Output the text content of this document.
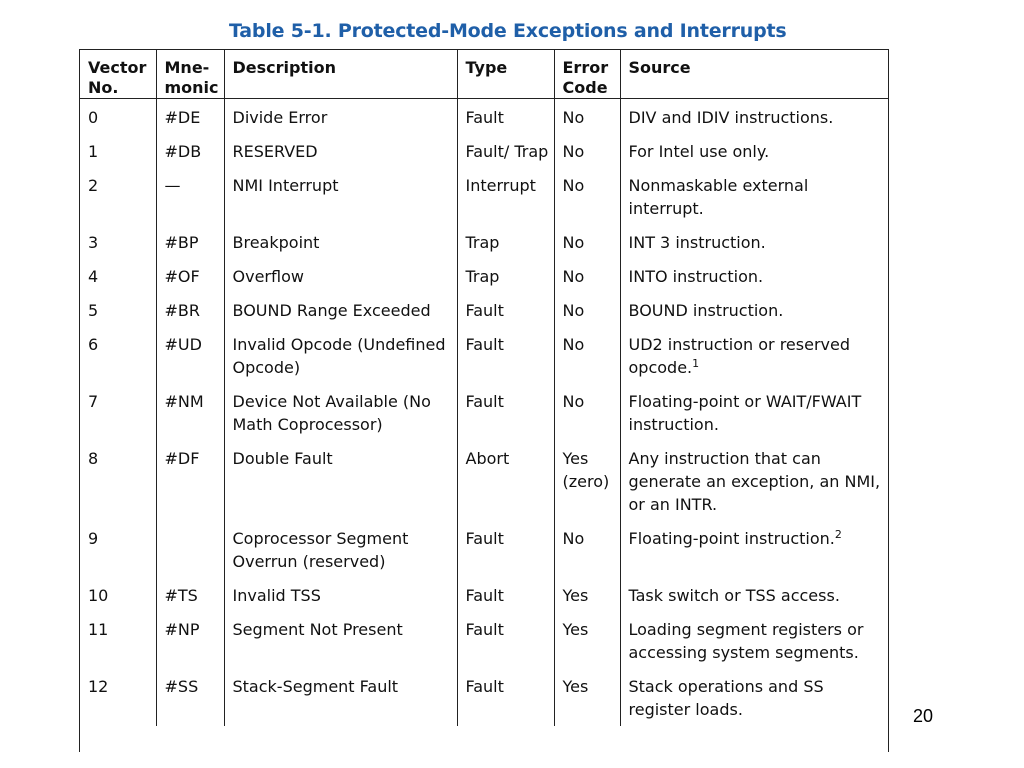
Table 5-1. Protected-Mode Exceptions and Interrupts
Vector No.	Mne-monic	Description	Type	Error Code	Source
0	#DE	Divide Error	Fault	No	DIV and IDIV instructions.
1	#DB	RESERVED	Fault/ Trap	No	For Intel use only.
2	—	NMI Interrupt	Interrupt	No	Nonmaskable external interrupt.
3	#BP	Breakpoint	Trap	No	INT 3 instruction.
4	#OF	Overflow	Trap	No	INTO instruction.
5	#BR	BOUND Range Exceeded	Fault	No	BOUND instruction.
6	#UD	Invalid Opcode (Undefined Opcode)	Fault	No	UD2 instruction or reserved opcode.$^1$
7	#NM	Device Not Available (No Math Coprocessor)	Fault	No	Floating-point or WAIT/FWAIT instruction.
8	#DF	Double Fault	Abort	Yes (zero)	Any instruction that can generate an exception, an NMI, or an INTR.
9		Coprocessor Segment Overrun (reserved)	Fault	No	Floating-point instruction.$^2$
10	#TS	Invalid TSS	Fault	Yes	Task switch or TSS access.
11	#NP	Segment Not Present	Fault	Yes	Loading segment registers or accessing system segments.
12	#SS	Stack-Segment Fault	Fault	Yes	Stack operations and SS register loads.	20
